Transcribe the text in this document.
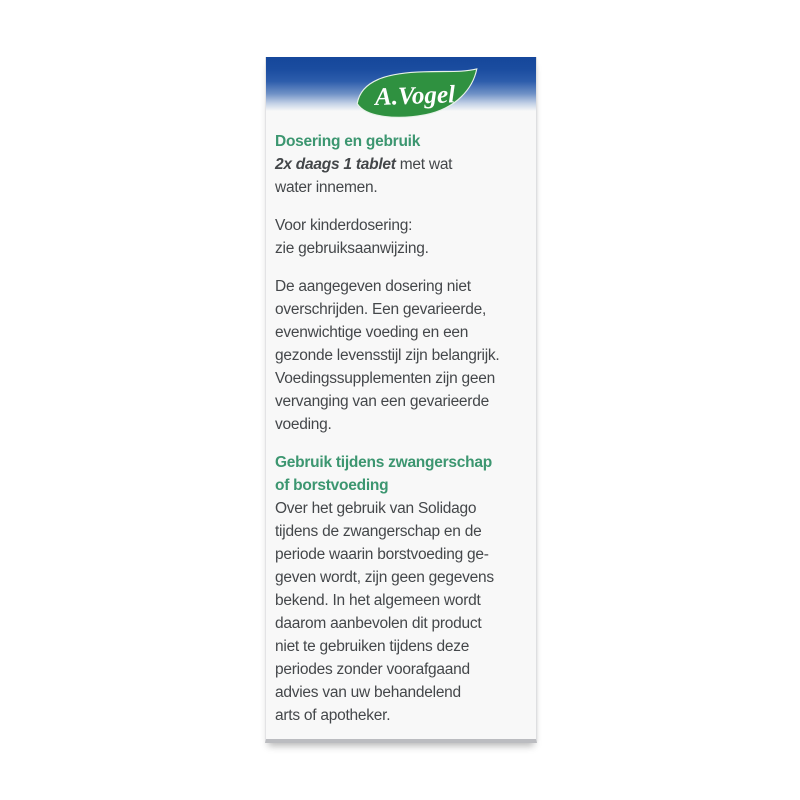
A.Vogel
Dosering en gebruik
2x daags 1 tablet met wat
water innemen.
Voor kinderdosering:
zie gebruiksaanwijzing.
De aangegeven dosering niet
overschrijden. Een gevarieerde,
evenwichtige voeding en een
gezonde levensstijl zijn belangrijk.
Voedingssupplementen zijn geen
vervanging van een gevarieerde
voeding.
Gebruik tijdens zwangerschap
of borstvoeding
Over het gebruik van Solidago
tijdens de zwangerschap en de
periode waarin borstvoeding ge-
geven wordt, zijn geen gegevens
bekend. In het algemeen wordt
daarom aanbevolen dit product
niet te gebruiken tijdens deze
periodes zonder voorafgaand
advies van uw behandelend
arts of apotheker.
